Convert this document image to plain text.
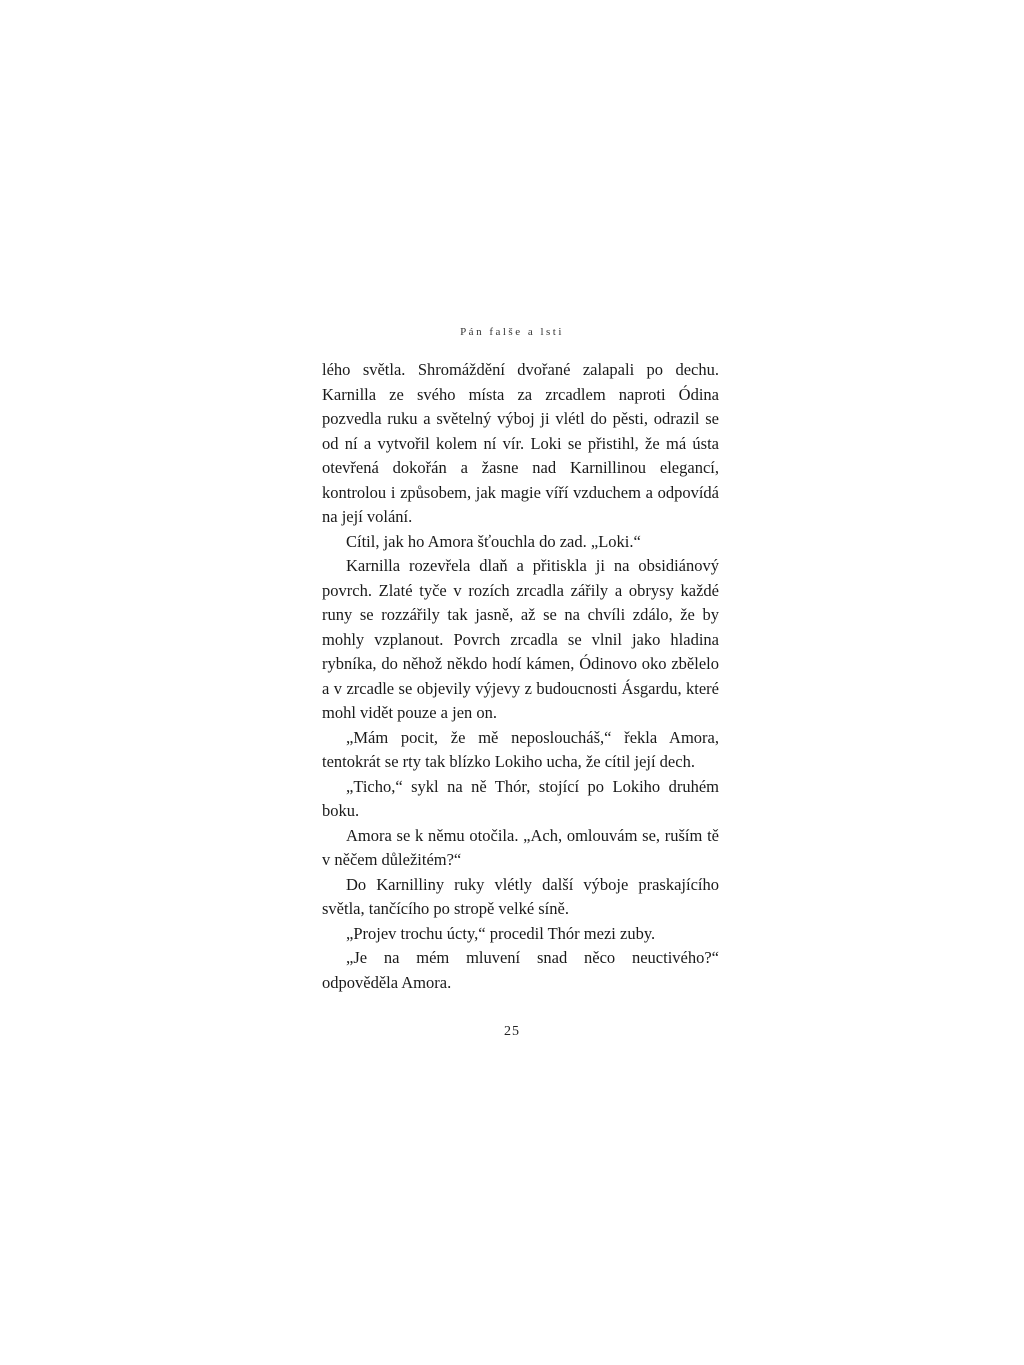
Pán falše a lsti

lého světla. Shromáždění dvořané zalapali po dechu. Karnilla ze svého místa za zrcadlem naproti Ódina pozvedla ruku a světelný výboj ji vlétl do pěsti, odrazil se od ní a vytvořil kolem ní vír. Loki se přistihl, že má ústa otevřená dokořán a žasne nad Karnillinou elegancí, kontrolou i způsobem, jak magie víří vzduchem a odpovídá na její volání.

Cítil, jak ho Amora šťouchla do zad. „Loki.“

Karnilla rozevřela dlaň a přitiskla ji na obsidiánový povrch. Zlaté tyče v rozích zrcadla zářily a obrysy každé runy se rozzářily tak jasně, až se na chvíli zdálo, že by mohly vzplanout. Povrch zrcadla se vlnil jako hladina rybníka, do něhož někdo hodí kámen, Ódinovo oko zbělelo a v zrcadle se objevily výjevy z budoucnosti Ásgardu, které mohl vidět pouze a jen on.

„Mám pocit, že mě neposloucháš,“ řekla Amora, tentokrát se rty tak blízko Lokiho ucha, že cítil její dech.

„Ticho,“ sykl na ně Thór, stojící po Lokiho druhém boku.

Amora se k němu otočila. „Ach, omlouvám se, ruším tě v něčem důležitém?“

Do Karnilliny ruky vlétly další výboje praskajícího světla, tančícího po stropě velké síně.

„Projev trochu úcty,“ procedil Thór mezi zuby.

„Je na mém mluvení snad něco neuctivého?“ odpověděla Amora.

25
